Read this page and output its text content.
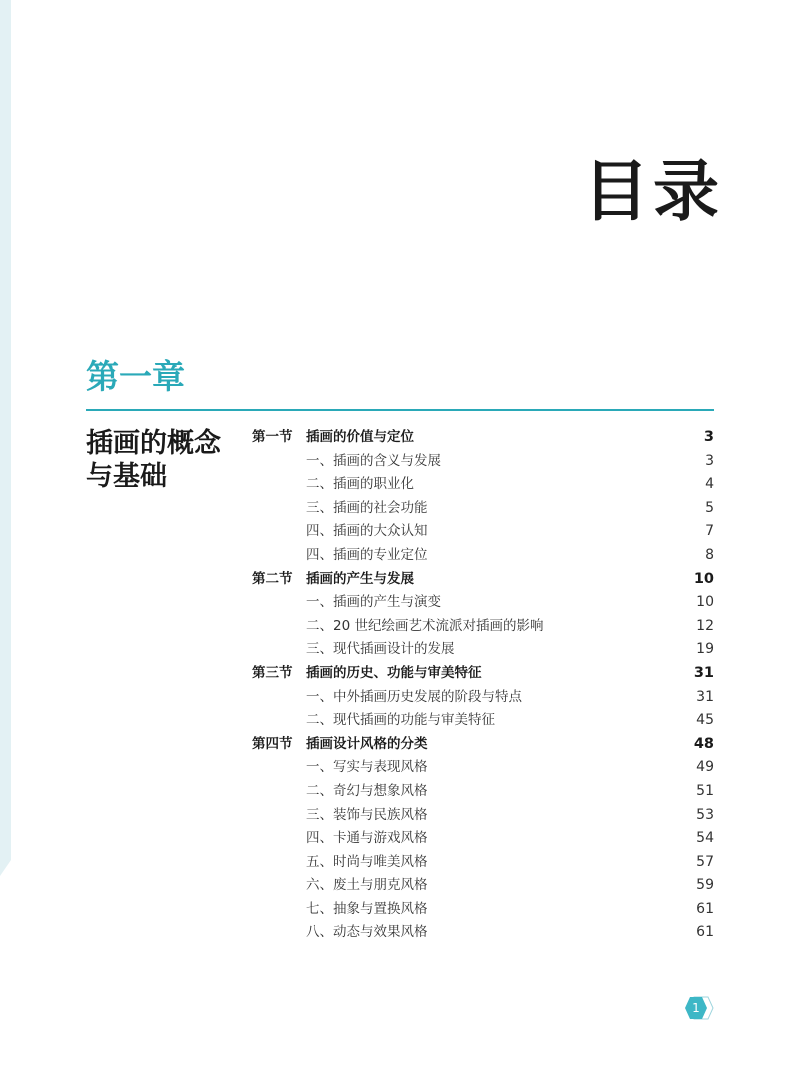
目录
第一章
插画的概念
与基础
第一节 插画的价值与定位	3
一、插画的含义与发展	3
二、插画的职业化	4
三、插画的社会功能	5
四、插画的大众认知	7
四、插画的专业定位	8
第二节 插画的产生与发展	10
一、插画的产生与演变	10
二、20 世纪绘画艺术流派对插画的影响	12
三、现代插画设计的发展	19
第三节 插画的历史、功能与审美特征	31
一、中外插画历史发展的阶段与特点	31
二、现代插画的功能与审美特征	45
第四节 插画设计风格的分类	48
一、写实与表现风格	49
二、奇幻与想象风格	51
三、装饰与民族风格	53
四、卡通与游戏风格	54
五、时尚与唯美风格	57
六、废土与朋克风格	59
七、抽象与置换风格	61
八、动态与效果风格	61
1
